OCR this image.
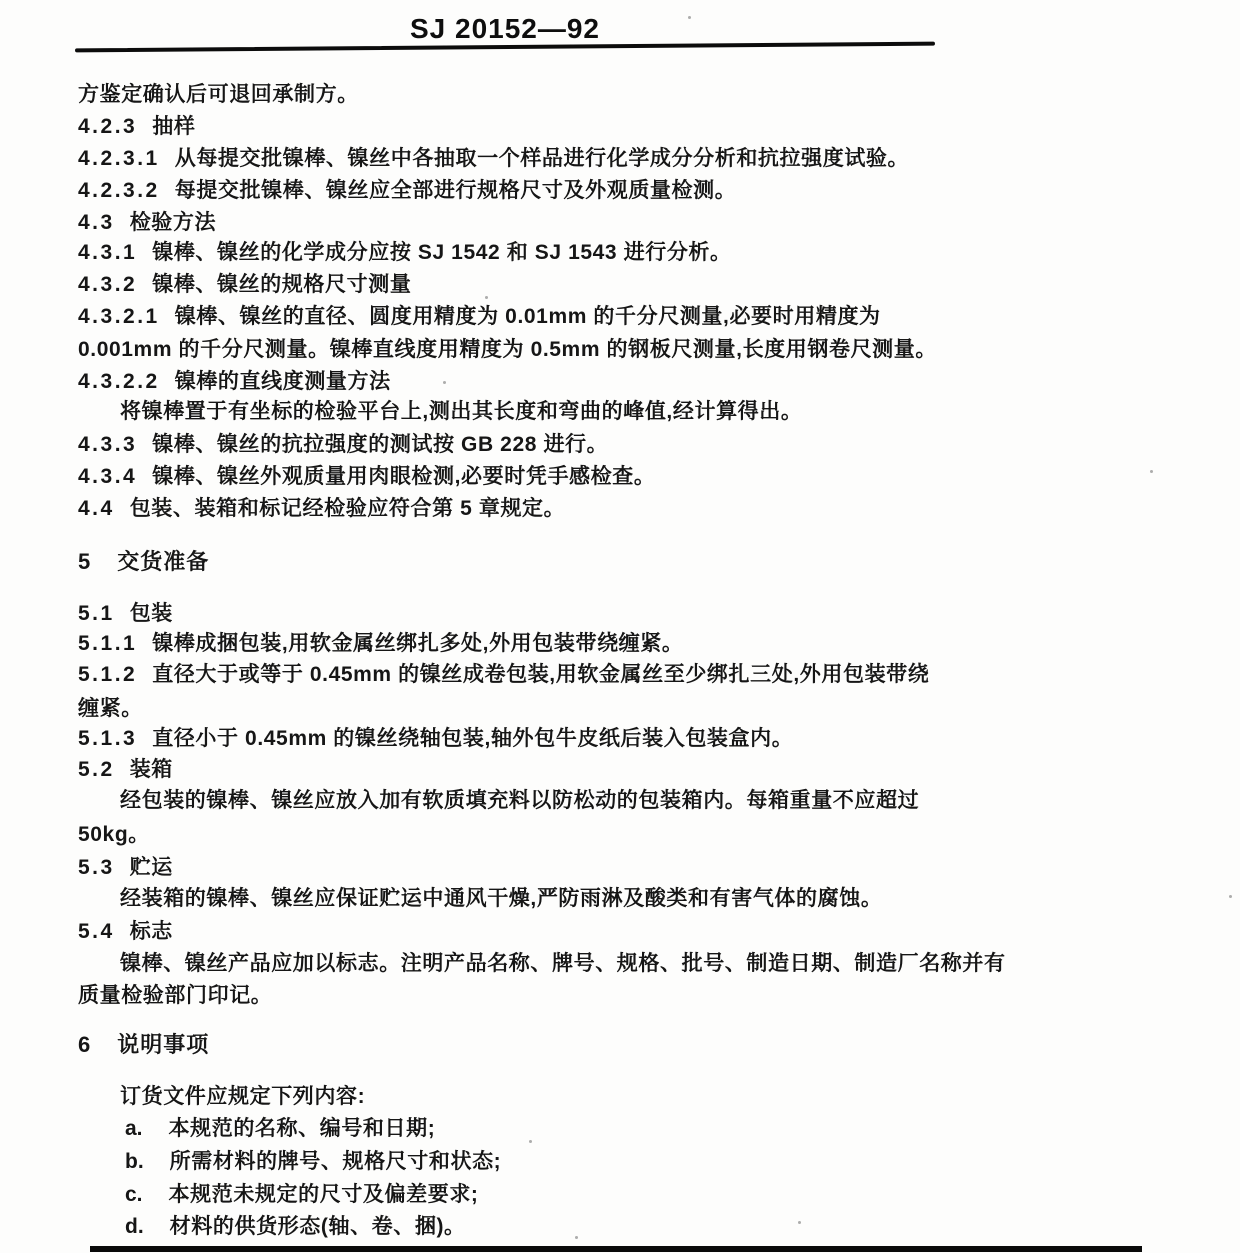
SJ 20152—92
方鉴定确认后可退回承制方。
4.2.3 抽样
4.2.3.1 从每提交批镍棒、镍丝中各抽取一个样品进行化学成分分析和抗拉强度试验。
4.2.3.2 每提交批镍棒、镍丝应全部进行规格尺寸及外观质量检测。
4.3 检验方法
4.3.1 镍棒、镍丝的化学成分应按 SJ 1542 和 SJ 1543 进行分析。
4.3.2 镍棒、镍丝的规格尺寸测量
4.3.2.1 镍棒、镍丝的直径、圆度用精度为 0.01mm 的千分尺测量,必要时用精度为
0.001mm 的千分尺测量。镍棒直线度用精度为 0.5mm 的钢板尺测量,长度用钢卷尺测量。
4.3.2.2 镍棒的直线度测量方法
将镍棒置于有坐标的检验平台上,测出其长度和弯曲的峰值,经计算得出。
4.3.3 镍棒、镍丝的抗拉强度的测试按 GB 228 进行。
4.3.4 镍棒、镍丝外观质量用肉眼检测,必要时凭手感检查。
4.4 包装、装箱和标记经检验应符合第 5 章规定。
5 交货准备
5.1 包装
5.1.1 镍棒成捆包装,用软金属丝绑扎多处,外用包装带绕缠紧。
5.1.2 直径大于或等于 0.45mm 的镍丝成卷包装,用软金属丝至少绑扎三处,外用包装带绕
缠紧。
5.1.3 直径小于 0.45mm 的镍丝绕轴包装,轴外包牛皮纸后装入包装盒内。
5.2 装箱
经包装的镍棒、镍丝应放入加有软质填充料以防松动的包装箱内。每箱重量不应超过
50kg。
5.3 贮运
经装箱的镍棒、镍丝应保证贮运中通风干燥,严防雨淋及酸类和有害气体的腐蚀。
5.4 标志
镍棒、镍丝产品应加以标志。注明产品名称、牌号、规格、批号、制造日期、制造厂名称并有
质量检验部门印记。
6 说明事项
订货文件应规定下列内容:
a. 本规范的名称、编号和日期;
b. 所需材料的牌号、规格尺寸和状态;
c. 本规范未规定的尺寸及偏差要求;
d. 材料的供货形态(轴、卷、捆)。
